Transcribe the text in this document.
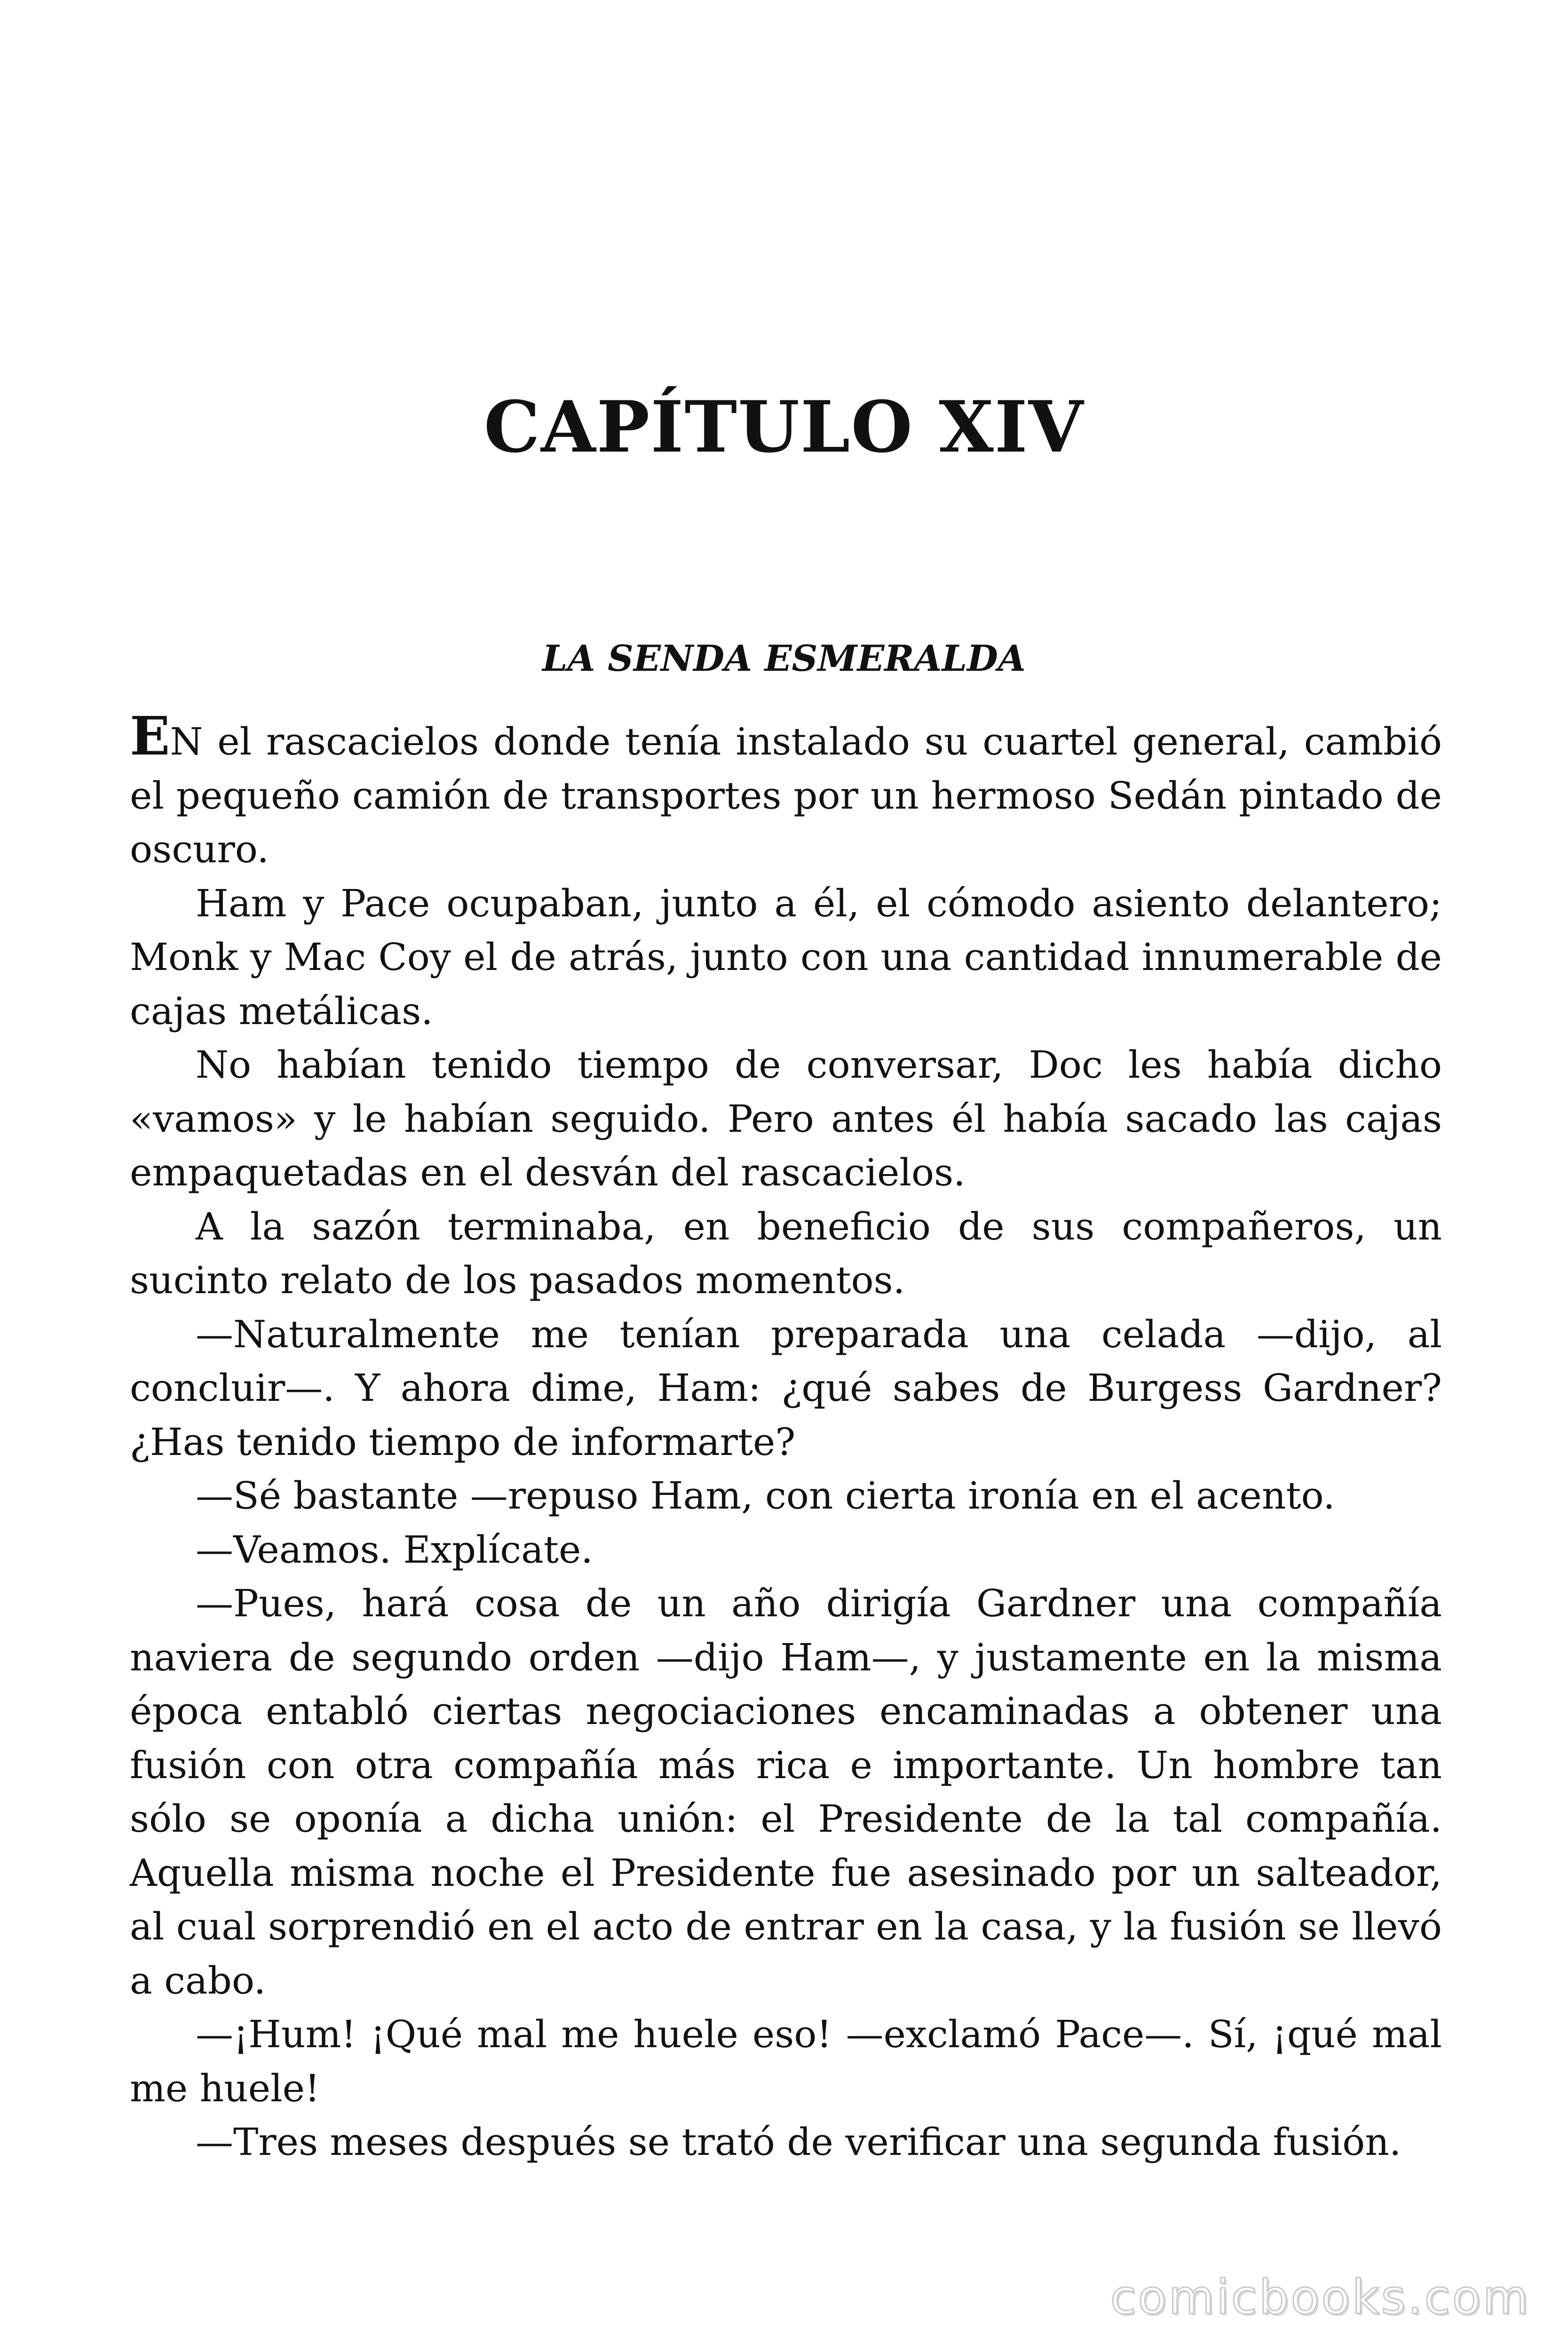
CAPÍTULO XIV
LA SENDA ESMERALDA

EN el rascacielos donde tenía instalado su cuartel general, cambió el pequeño camión de transportes por un hermoso Sedán pintado de oscuro.

Ham y Pace ocupaban, junto a él, el cómodo asiento delantero; Monk y Mac Coy el de atrás, junto con una cantidad innumerable de cajas metálicas.

No habían tenido tiempo de conversar, Doc les había dicho «vamos» y le habían seguido. Pero antes él había sacado las cajas empaquetadas en el desván del rascacielos.

A la sazón terminaba, en beneficio de sus compañeros, un sucinto relato de los pasados momentos.

—Naturalmente me tenían preparada una celada —dijo, al concluir—. Y ahora dime, Ham: ¿qué sabes de Burgess Gardner? ¿Has tenido tiempo de informarte?

—Sé bastante —repuso Ham, con cierta ironía en el acento.

—Veamos. Explícate.

—Pues, hará cosa de un año dirigía Gardner una compañía naviera de segundo orden —dijo Ham—, y justamente en la misma época entabló ciertas negociaciones encaminadas a obtener una fusión con otra compañía más rica e importante. Un hombre tan sólo se oponía a dicha unión: el Presidente de la tal compañía. Aquella misma noche el Presidente fue asesinado por un salteador, al cual sorprendió en el acto de entrar en la casa, y la fusión se llevó a cabo.

—¡Hum! ¡Qué mal me huele eso! —exclamó Pace—. Sí, ¡qué mal me huele!

—Tres meses después se trató de verificar una segunda fusión.

comicbooks.com
